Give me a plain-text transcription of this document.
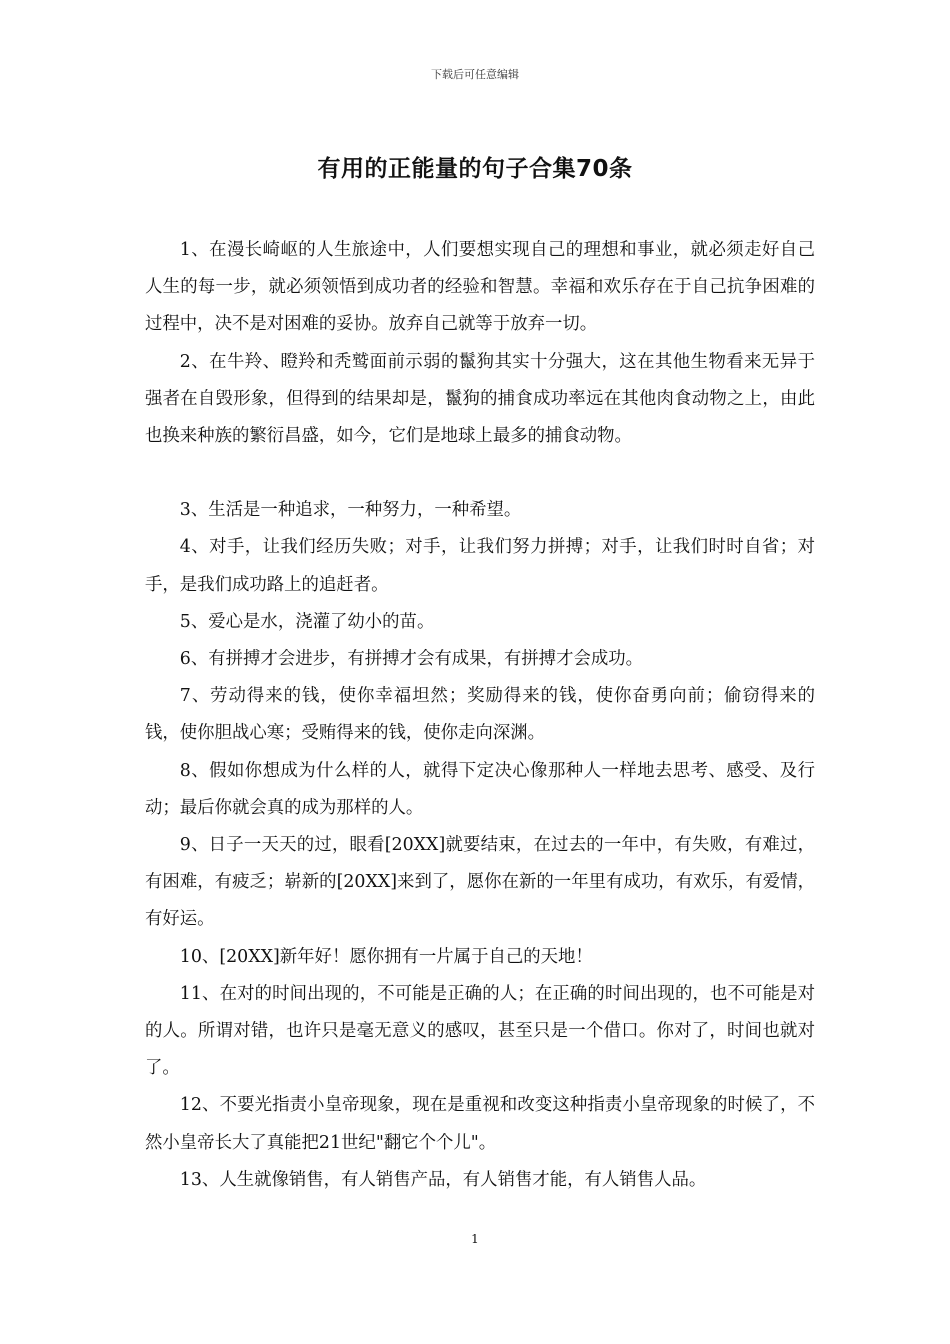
下载后可任意编辑
有用的正能量的句子合集70条

1、在漫长崎岖的人生旅途中，人们要想实现自己的理想和事业，就必须走好自己人生的每一步，就必须领悟到成功者的经验和智慧。幸福和欢乐存在于自己抗争困难的过程中，决不是对困难的妥协。放弃自己就等于放弃一切。

2、在牛羚、瞪羚和秃鹫面前示弱的鬣狗其实十分强大，这在其他生物看来无异于强者在自毁形象，但得到的结果却是，鬣狗的捕食成功率远在其他肉食动物之上，由此也换来种族的繁衍昌盛，如今，它们是地球上最多的捕食动物。

3、生活是一种追求，一种努力，一种希望。

4、对手，让我们经历失败；对手，让我们努力拼搏；对手，让我们时时自省；对手，是我们成功路上的追赶者。

5、爱心是水，浇灌了幼小的苗。

6、有拼搏才会进步，有拼搏才会有成果，有拼搏才会成功。

7、劳动得来的钱，使你幸福坦然；奖励得来的钱，使你奋勇向前；偷窃得来的钱，使你胆战心寒；受贿得来的钱，使你走向深渊。

8、假如你想成为什么样的人，就得下定决心像那种人一样地去思考、感受、及行动；最后你就会真的成为那样的人。

9、日子一天天的过，眼看[20XX]就要结束，在过去的一年中，有失败，有难过，有困难，有疲乏；崭新的[20XX]来到了，愿你在新的一年里有成功，有欢乐，有爱情，有好运。

10、[20XX]新年好！愿你拥有一片属于自己的天地！

11、在对的时间出现的，不可能是正确的人；在正确的时间出现的，也不可能是对的人。所谓对错，也许只是毫无意义的感叹，甚至只是一个借口。你对了，时间也就对了。

12、不要光指责小皇帝现象，现在是重视和改变这种指责小皇帝现象的时候了，不然小皇帝长大了真能把21世纪"翻它个个儿"。

13、人生就像销售，有人销售产品，有人销售才能，有人销售人品。

1
